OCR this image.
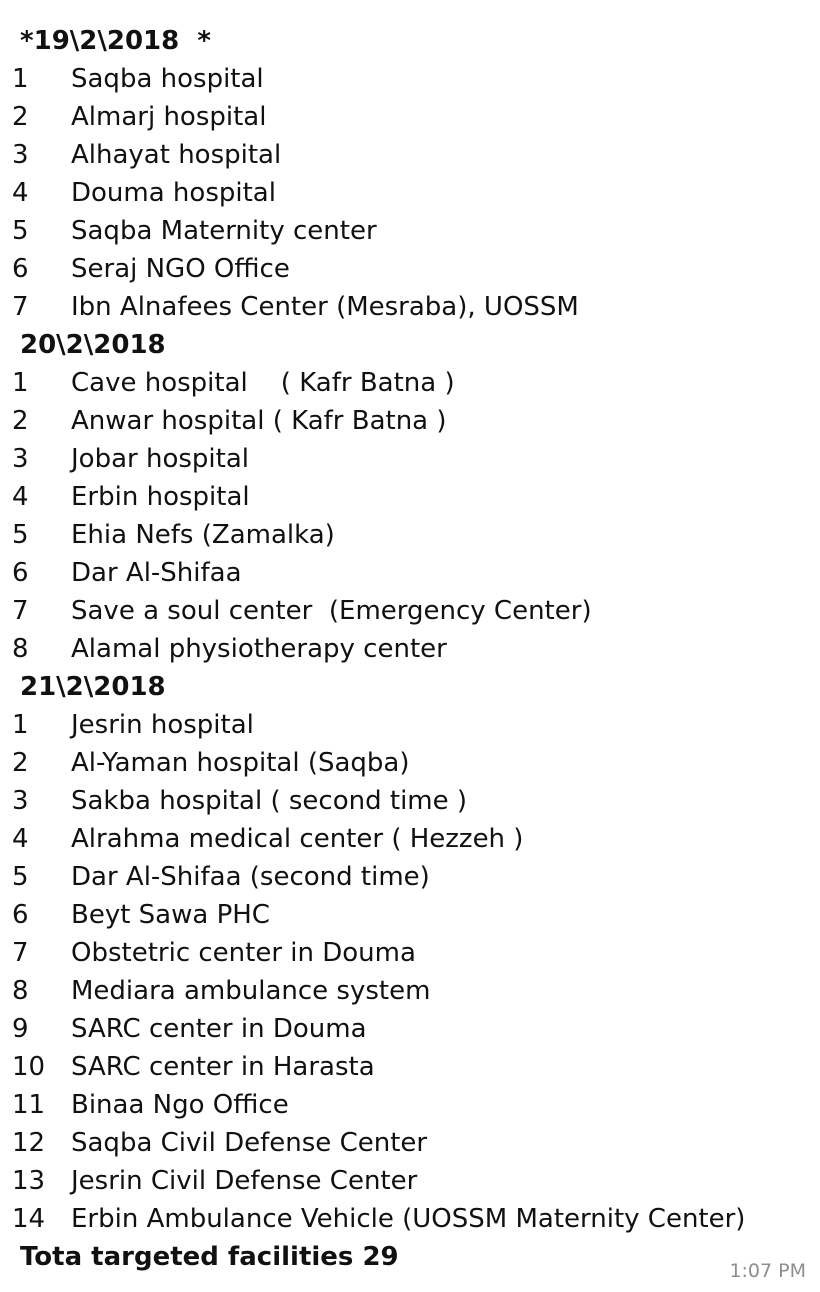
*19\2\2018  *
1 Saqba hospital
2 Almarj hospital
3 Alhayat hospital
4 Douma hospital
5 Saqba Maternity center
6 Seraj NGO Office
7 Ibn Alnafees Center (Mesraba), UOSSM
20\2\2018
1 Cave hospital    ( Kafr Batna )
2 Anwar hospital ( Kafr Batna )
3 Jobar hospital
4 Erbin hospital
5 Ehia Nefs (Zamalka)
6 Dar Al-Shifaa
7 Save a soul center  (Emergency Center)
8 Alamal physiotherapy center
21\2\2018
1 Jesrin hospital
2 Al-Yaman hospital (Saqba)
3 Sakba hospital ( second time )
4 Alrahma medical center ( Hezzeh )
5 Dar Al-Shifaa (second time)
6 Beyt Sawa PHC
7 Obstetric center in Douma
8 Mediara ambulance system
9 SARC center in Douma
10 SARC center in Harasta
11 Binaa Ngo Office
12 Saqba Civil Defense Center
13 Jesrin Civil Defense Center
14 Erbin Ambulance Vehicle (UOSSM Maternity Center)
Tota targeted facilities 29	1:07 PM
